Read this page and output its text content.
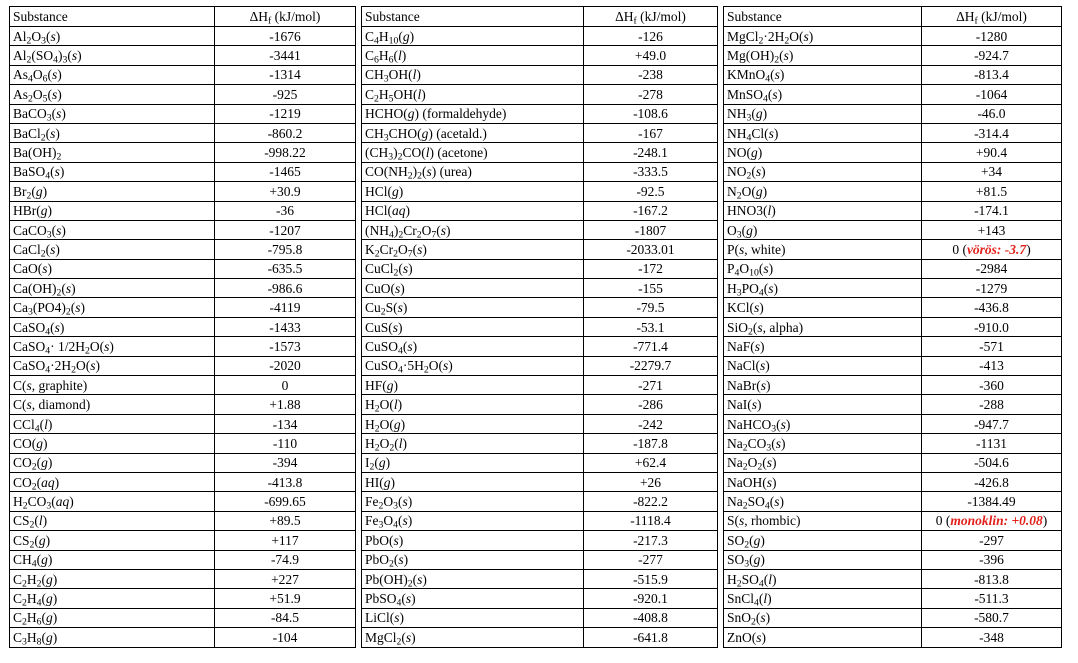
Substance	$\Delta H_f$ (kJ/mol)		Substance	$\Delta H_f$ (kJ/mol)		Substance	$\Delta H_f$ (kJ/mol)
$Al_2O_3(s)$	-1676		$C_4H_{10}(g)$	-126		$MgCl_2\cdot 2H_2O(s)$	-1280
$Al_2(SO_4)_3(s)$	-3441		$C_6H_6(l)$	+49.0		$Mg(OH)_2(s)$	-924.7
$As_4O_6(s)$	-1314		$CH_3OH(l)$	-238		KMnO$_4$(s)	-813.4
$As_2O_5(s)$	-925		$C_2H_5OH(l)$	-278		MnSO$_4$(s)	-1064
BaCO$_3$(s)	-1219		HCHO(g) (formaldehyde)	-108.6		$NH_3(g)$	-46.0
BaCl$_2$(s)	-860.2		$CH_3CHO(g)$ (acetald.)	-167		$NH_4Cl(s)$	-314.4
$Ba(OH)_2$	-998.22		$(CH_3)_2CO(l)$ (acetone)	-248.1		NO(g)	+90.4
BaSO$_4$(s)	-1465		$CO(NH_2)_2(s)$ (urea)	-333.5		$NO_2(s)$	+34
$Br_2(g)$	+30.9		HCl(g)	-92.5		$N_2O(g)$	+81.5
HBr(g)	-36		HCl(aq)	-167.2		HNO3(l)	-174.1
CaCO$_3$(s)	-1207		$(NH_4)_2Cr_2O_7(s)$	-1807		$O_3(g)$	+143
CaCl$_2$(s)	-795.8		$K_2Cr_2O_7(s)$	-2033.01		P(s, white)	0 (vörös: -3.7)
CaO(s)	-635.5		CuCl$_2$(s)	-172		$P_4O_{10}(s)$	-2984
$Ca(OH)_2(s)$	-986.6		CuO(s)	-155		$H_3PO_4(s)$	-1279
$Ca_3(PO4)_2(s)$	-4119		$Cu_2S(s)$	-79.5		KCl(s)	-436.8
CaSO$_4$(s)	-1433		CuS(s)	-53.1		SiO$_2$(s, alpha)	-910.0
CaSO$_4$· $1/2H_2O(s)$	-1573		CuSO$_4$(s)	-771.4		NaF(s)	-571
$CaSO_4\cdot 2H_2O(s)$	-2020		$CuSO_4\cdot 5H_2O(s)$	-2279.7		NaCl(s)	-413
C(s, graphite)	0		HF(g)	-271		NaBr(s)	-360
C(s, diamond)	+1.88		$H_2O(l)$	-286		NaI(s)	-288
CCl$_4$(l)	-134		$H_2O(g)$	-242		NaHCO$_3$(s)	-947.7
CO(g)	-110		$H_2O_2(l)$	-187.8		$Na_2CO_3(s)$	-1131
$CO_2(g)$	-394		$I_2(g)$	+62.4		$Na_2O_2(s)$	-504.6
$CO_2(aq)$	-413.8		HI(g)	+26		NaOH(s)	-426.8
$H_2CO_3(aq)$	-699.65		$Fe_2O_3(s)$	-822.2		$Na_2SO_4(s)$	-1384.49
$CS_2(l)$	+89.5		$Fe_3O_4(s)$	-1118.4		S(s, rhombic)	0 (monoklin: +0.08)
$CS_2(g)$	+117		PbO(s)	-217.3		$SO_2(g)$	-297
$CH_4(g)$	-74.9		PbO$_2$(s)	-277		$SO_3(g)$	-396
$C_2H_2(g)$	+227		$Pb(OH)_2(s)$	-515.9		$H_2SO_4(l)$	-813.8
$C_2H_4(g)$	+51.9		PbSO$_4$(s)	-920.1		SnCl$_4$(l)	-511.3
$C_2H_6(g)$	-84.5		LiCl(s)	-408.8		SnO$_2$(s)	-580.7
$C_3H_8(g)$	-104		MgCl$_2$(s)	-641.8		ZnO(s)	-348
